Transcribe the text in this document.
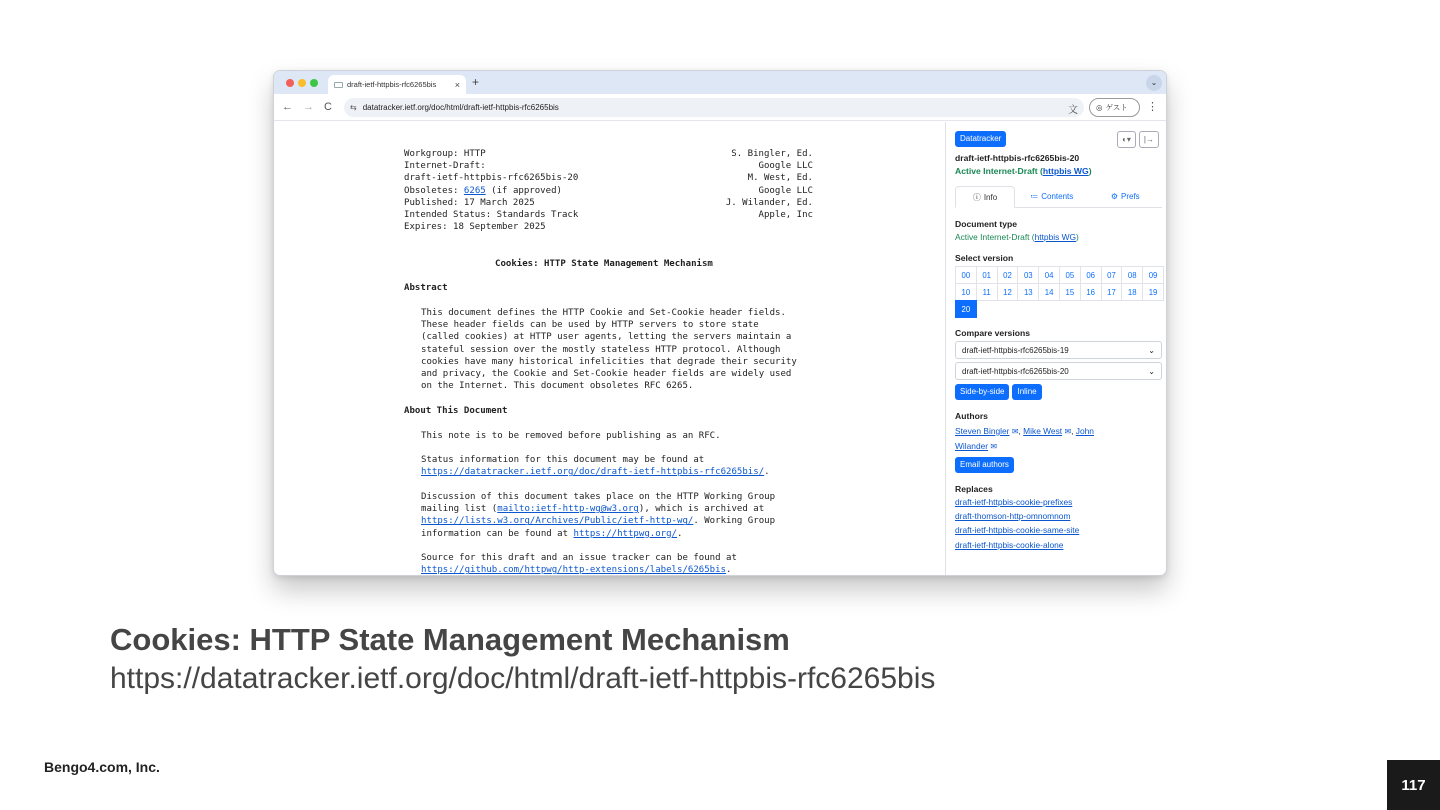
draft-ietf-httpbis-rfc6265bis	× +	⌄
← → C ⇆ datatracker.ietf.org/doc/html/draft-ietf-httpbis-rfc6265bis	文 ◎ ゲスト ⋮
Workgroup: HTTP
Internet-Draft:
draft-ietf-httpbis-rfc6265bis-20
Obsoletes: 6265 (if approved)
Published: 17 March 2025
Intended Status: Standards Track
Expires: 18 September 2025
S. Bingler, Ed.
Google LLC
M. West, Ed.
Google LLC
J. Wilander, Ed.
Apple, Inc
Cookies: HTTP State Management Mechanism
Abstract
This document defines the HTTP Cookie and Set-Cookie header fields.
These header fields can be used by HTTP servers to store state
(called cookies) at HTTP user agents, letting the servers maintain a
stateful session over the mostly stateless HTTP protocol. Although
cookies have many historical infelicities that degrade their security
and privacy, the Cookie and Set-Cookie header fields are widely used
on the Internet. This document obsoletes RFC 6265.
About This Document
This note is to be removed before publishing as an RFC.
Status information for this document may be found at
https://datatracker.ietf.org/doc/draft-ietf-httpbis-rfc6265bis/.
Discussion of this document takes place on the HTTP Working Group
mailing list (mailto:ietf-http-wg@w3.org), which is archived at
https://lists.w3.org/Archives/Public/ietf-http-wg/. Working Group
information can be found at https://httpwg.org/.
Source for this draft and an issue tracker can be found at
https://github.com/httpwg/http-extensions/labels/6265bis.
Datatracker	◐▾	|→
draft-ietf-httpbis-rfc6265bis-20
Active Internet-Draft (httpbis WG)
ⓘ Info	≔ Contents	⚙ Prefs
Document type
Active Internet-Draft (httpbis WG)
Select version
00	01	02	03	04	05	06	07	08	09
10	11	12	13	14	15	16	17	18	19
20
Compare versions
draft-ietf-httpbis-rfc6265bis-19	⌄
draft-ietf-httpbis-rfc6265bis-20	⌄
Side-by-side	Inline
Authors
Steven Bingler ✉, Mike West ✉, John
Wilander ✉
Email authors
Replaces
draft-ietf-httpbis-cookie-prefixes
draft-thomson-http-omnomnom
draft-ietf-httpbis-cookie-same-site
draft-ietf-httpbis-cookie-alone
Cookies: HTTP State Management Mechanism
https://datatracker.ietf.org/doc/html/draft-ietf-httpbis-rfc6265bis
Bengo4.com, Inc.
117
